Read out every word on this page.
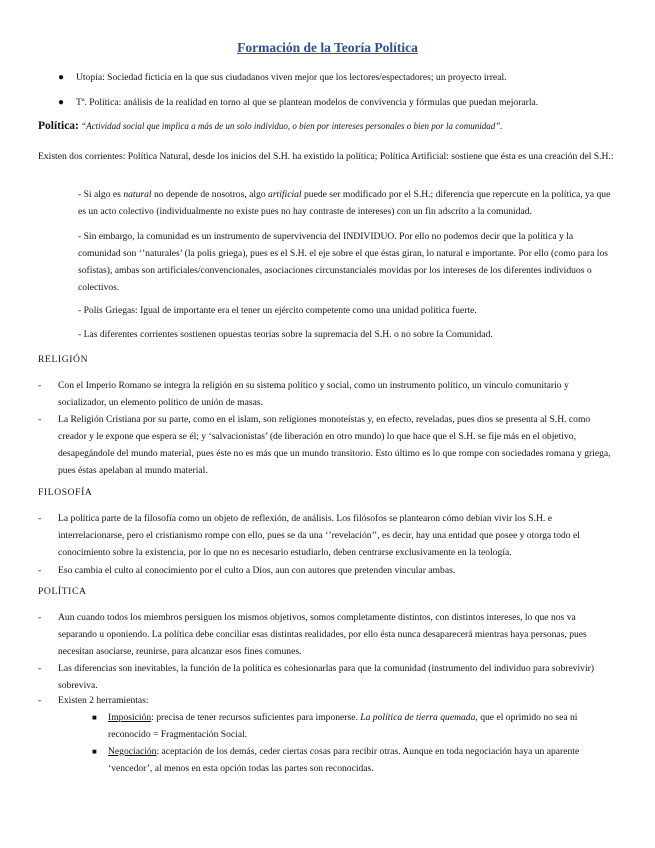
Formación de la Teoría Política
● Utopía: Sociedad ficticia en la que sus ciudadanos viven mejor que los lectores/espectadores; un proyecto irreal.
● Tª. Política: análisis de la realidad en torno al que se plantean modelos de convivencia y fórmulas que puedan mejorarla.
Política: “Actividad social que implica a más de un solo individuo, o bien por intereses personales o bien por la comunidad”.
Existen dos corrientes: Política Natural, desde los inicios del S.H. ha existido la política; Política Artificial: sostiene que ésta es una creación del S.H.:
- Si algo es natural no depende de nosotros, algo artificial puede ser modificado por el S.H.; diferencia que repercute en la política, ya que es un acto colectivo (individualmente no existe pues no hay contraste de intereses) con un fin adscrito a la comunidad.
- Sin embargo, la comunidad es un instrumento de supervivencia del INDIVIDUO. Por ello no podemos decir que la política y la comunidad son ‘’naturales’ (la polis griega), pues es el S.H. el eje sobre el que éstas giran, lo natural e importante. Por ello (como para los sofistas), ambas son artificiales/convencionales, asociaciones circunstanciales movidas por los intereses de los diferentes individuos o colectivos.
- Polis Griegas: Igual de importante era el tener un ejército competente como una unidad política fuerte.
- Las diferentes corrientes sostienen opuestas teorías sobre la supremacía del S.H. o no sobre la Comunidad.
RELIGIÓN
- Con el Imperio Romano se integra la religión en su sistema político y social, como un instrumento político, un vínculo comunitario y socializador, un elemento político de unión de masas.
- La Religión Cristiana por su parte, como en el islam, son religiones monoteístas y, en efecto, reveladas, pues dios se presenta al S.H. como creador y le expone que espera se él; y ‘salvacionistas’ (de liberación en otro mundo) lo que hace que el S.H. se fije más en el objetivo, desapegándole del mundo material, pues éste no es más que un mundo transitorio. Esto último es lo que rompe con sociedades romana y griega, pues éstas apelaban al mundo material.
FILOSOFÍA
- La política parte de la filosofía como un objeto de reflexión, de análisis. Los filósofos se plantearon cómo debían vivir los S.H. e interrelacionarse, pero el cristianismo rompe con ello, pues se da una ‘’revelación’’, es decir, hay una entidad que posee y otorga todo el conocimiento sobre la existencia, por lo que no es necesario estudiarlo, deben centrarse exclusivamente en la teología.
- Eso cambia el culto al conocimiento por el culto a Dios, aun con autores que pretenden vincular ambas.
POLÍTICA
- Aun cuando todos los miembros persiguen los mismos objetivos, somos completamente distintos, con distintos intereses, lo que nos va separando u oponiendo. La política debe conciliar esas distintas realidades, por ello ésta nunca desaparecerá mientras haya personas, pues necesitan asociarse, reunirse, para alcanzar esos fines comunes.
- Las diferencias son inevitables, la función de la política es cohesionarlas para que la comunidad (instrumento del individuo para sobrevivir) sobreviva.
- Existen 2 herramientas:
■ Imposición: precisa de tener recursos suficientes para imponerse. La política de tierra quemada, que el oprimido no sea ni reconocido = Fragmentación Social.
■ Negociación: aceptación de los demás, ceder ciertas cosas para recibir otras. Aunque en toda negociación haya un aparente ‘vencedor’, al menos en esta opción todas las partes son reconocidas.
